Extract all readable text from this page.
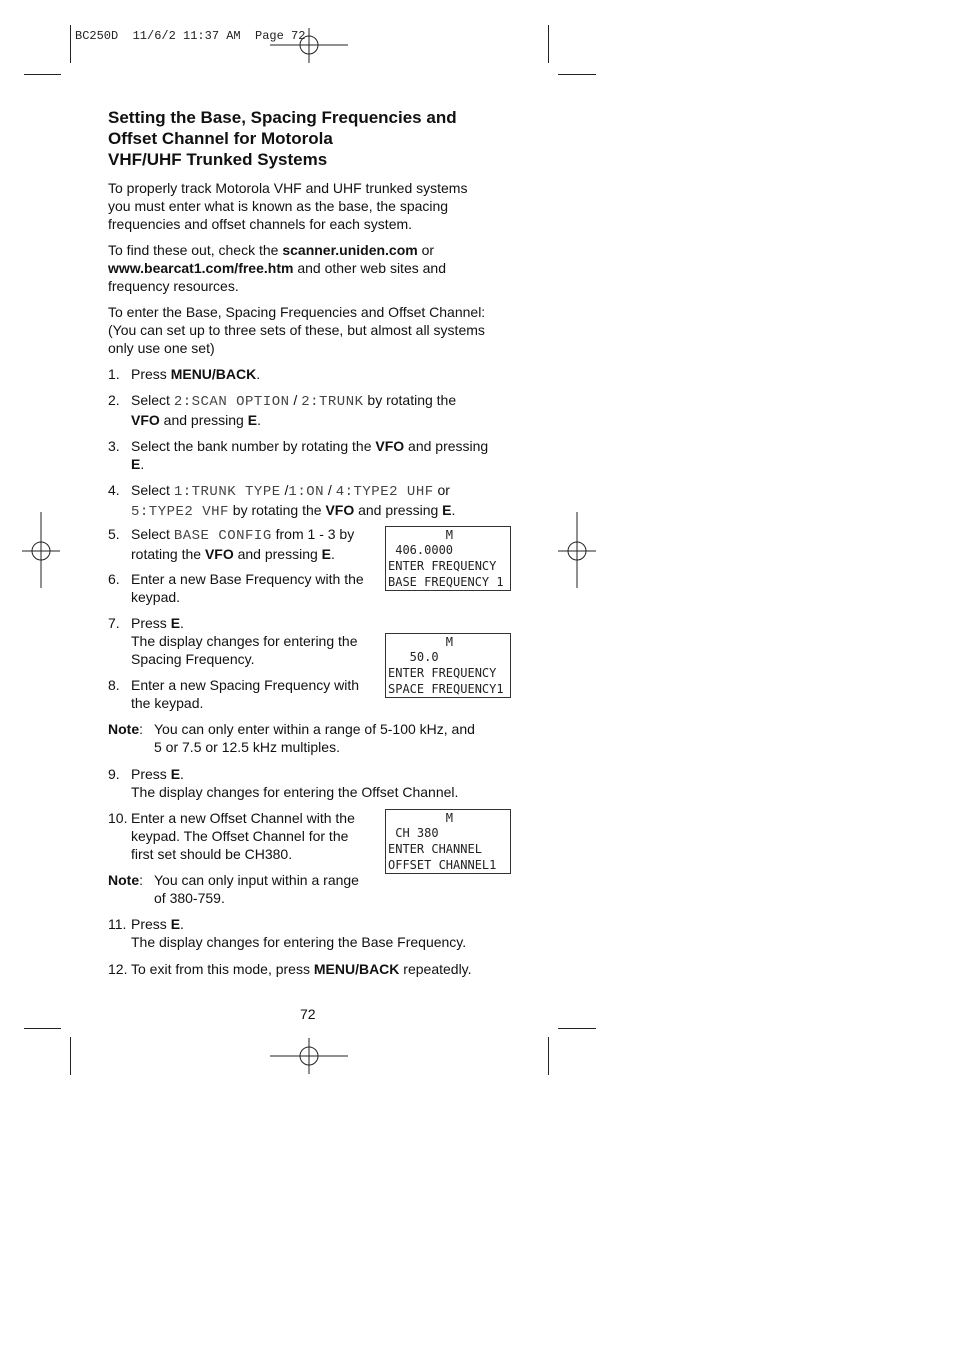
BC250D  11/6/2 11:37 AM  Page 72
Setting the Base, Spacing Frequencies and
Offset Channel for Motorola
VHF/UHF Trunked Systems

To properly track Motorola VHF and UHF trunked systems
you must enter what is known as the base, the spacing
frequencies and offset channels for each system.

To find these out, check the scanner.uniden.com or
www.bearcat1.com/free.htm and other web sites and
frequency resources.

To enter the Base, Spacing Frequencies and Offset Channel:
(You can set up to three sets of these, but almost all systems
only use one set)

1. Press MENU/BACK.
2. Select 2:SCAN OPTION / 2:TRUNK by rotating the
VFO and pressing E.
3. Select the bank number by rotating the VFO and pressing
E.
4. Select 1:TRUNK TYPE /1:ON / 4:TYPE2 UHF or
5:TYPE2 VHF by rotating the VFO and pressing E.
5. Select BASE CONFIG from 1 - 3 by
rotating the VFO and pressing E.
6. Enter a new Base Frequency with the
keypad.
M
406.0000
ENTER FREQUENCY
BASE FREQUENCY 1
7. Press E.
The display changes for entering the
Spacing Frequency.
8. Enter a new Spacing Frequency with
the keypad.
M
50.0
ENTER FREQUENCY
SPACE FREQUENCY1
Note: You can only enter within a range of 5-100 kHz, and
5 or 7.5 or 12.5 kHz multiples.
9. Press E.
The display changes for entering the Offset Channel.
10. Enter a new Offset Channel with the
keypad. The Offset Channel for the
first set should be CH380.
M
CH 380
ENTER CHANNEL
OFFSET CHANNEL1
Note: You can only input within a range
of 380-759.
11. Press E.
The display changes for entering the Base Frequency.
12. To exit from this mode, press MENU/BACK repeatedly.
72
